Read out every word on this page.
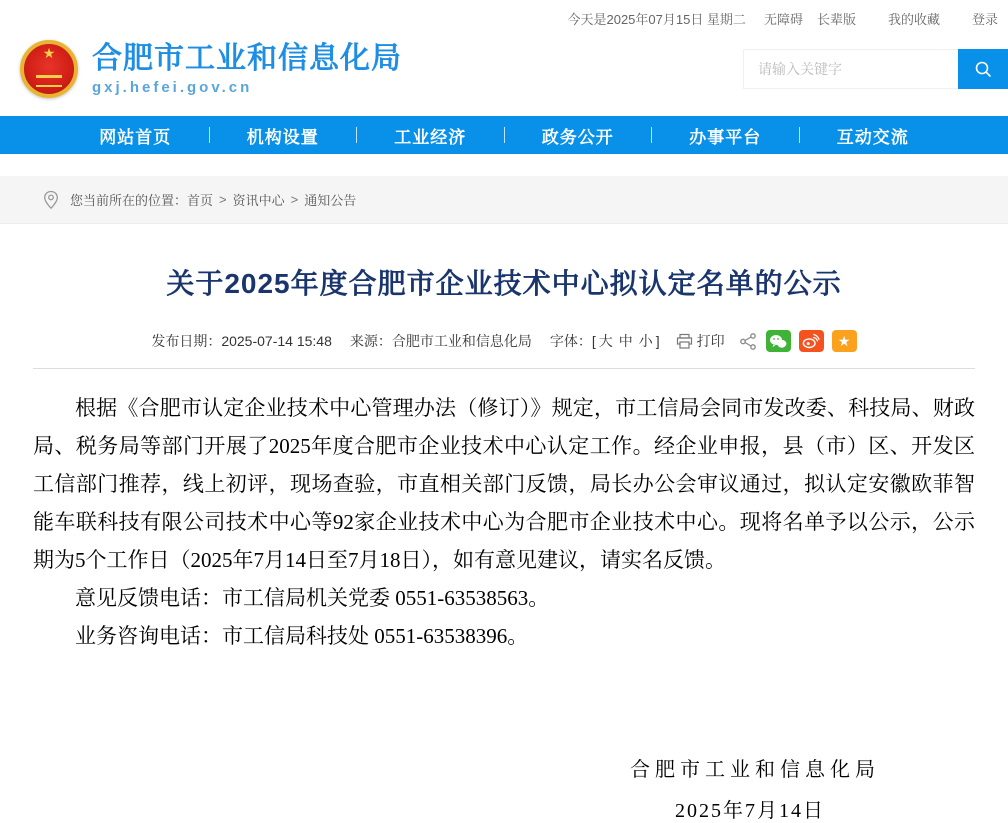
今天是2025年07月15日 星期二 无障碍 长辈版 我的收藏 登录
★ 合肥市工业和信息化局
gxj.hefei.gov.cn
请输入关键字
网站首页	机构设置	工业经济	政务公开	办事平台	互动交流
您当前所在的位置： 首页 > 资讯中心 > 通知公告
关于2025年度合肥市企业技术中心拟认定名单的公示
发布日期： 2025-07-14 15:48 来源： 合肥市工业和信息化局 字体： [ 大 中 小 ]	打印	★

根据《合肥市认定企业技术中心管理办法（修订）》规定，市工信局会同市发改委、科技局、财政局、税务局等部门开展了2025年度合肥市企业技术中心认定工作。经企业申报，县（市）区、开发区工信部门推荐，线上初评，现场查验，市直相关部门反馈，局长办公会审议通过，拟认定安徽欧菲智能车联科技有限公司技术中心等92家企业技术中心为合肥市企业技术中心。现将名单予以公示，公示期为5个工作日（2025年7月14日至7月18日），如有意见建议，请实名反馈。

意见反馈电话：市工信局机关党委 0551-63538563。

业务咨询电话：市工信局科技处 0551-63538396。

合肥市工业和信息化局
2025年7月14日
